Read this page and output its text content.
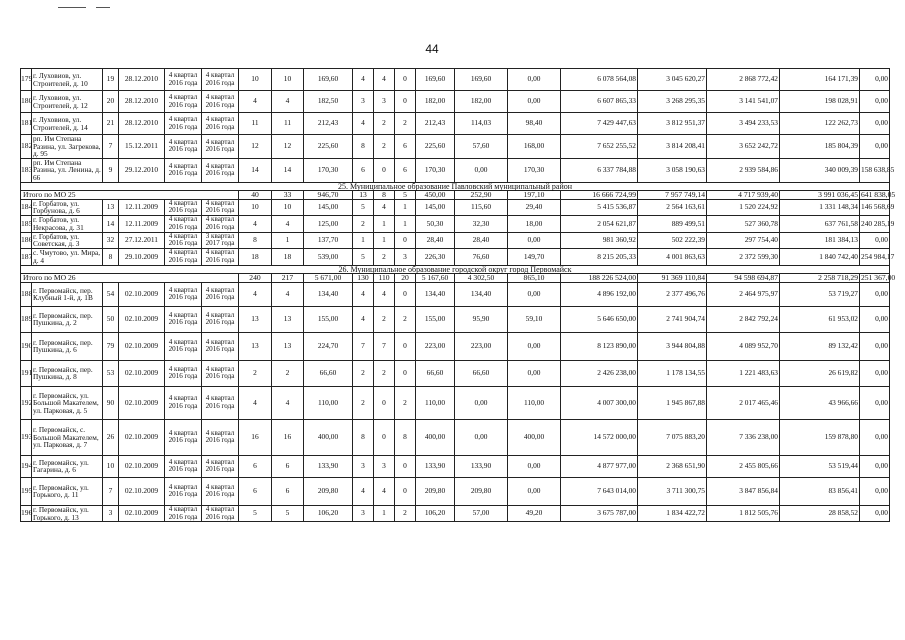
44
179	г. Луховиов, ул. Строителей, д. 10	19	28.12.2010	4 квартал 2016 года	4 квартал 2016 года	10	10	169,60	4	4	0	169,60	169,60	0,00	6 078 564,08	3 045 620,27	2 868 772,42	164 171,39	0,00
180	г. Луховиов, ул. Строителей, д. 12	20	28.12.2010	4 квартал 2016 года	4 квартал 2016 года	4	4	182,50	3	3	0	182,00	182,00	0,00	6 607 865,33	3 268 295,35	3 141 541,07	198 028,91	0,00
181	г. Луховиов, ул. Строителей, д. 14	21	28.12.2010	4 квартал 2016 года	4 квартал 2016 года	11	11	212,43	4	2	2	212,43	114,03	98,40	7 429 447,63	3 812 951,37	3 494 233,53	122 262,73	0,00
182	рп. Им Степана Разина, ул. Загрекова, д. 95	7	15.12.2011	4 квартал 2016 года	4 квартал 2016 года	12	12	225,60	8	2	6	225,60	57,60	168,00	7 652 255,52	3 814 208,41	3 652 242,72	185 804,39	0,00
183	рп. Им Степана Разина, ул. Ленина, д. 66	9	29.12.2010	4 квартал 2016 года	4 квартал 2016 года	14	14	170,30	6	0	6	170,30	0,00	170,30	6 337 784,88	3 058 190,63	2 939 584,86	340 009,39	158 638,85
25. Муниципальное образование Павловский муниципальный район																			
Итого по МО 25						40	33	946,70	13	8	5	450,00	252,90	197,10	16 666 724,99	7 957 749,14	4 717 939,40	3 991 036,45	641 838,05
184	г. Горбатов, ул. Горбунова, д. 6	13	12.11.2009	4 квартал 2016 года	4 квартал 2016 года	10	10	145,00	5	4	1	145,00	115,60	29,40	5 415 536,87	2 564 163,61	1 520 224,92	1 331 148,34	146 568,69
185	г. Горбатов, ул. Некрасова, д. 31	14	12.11.2009	4 квартал 2016 года	4 квартал 2016 года	4	4	125,00	2	1	1	50,30	32,30	18,00	2 054 621,87	889 499,51	527 360,78	637 761,58	240 285,19
186	г. Горбатов, ул. Советская, д. 3	32	27.12.2011	4 квартал 2016 года	3 квартал 2017 года	8	1	137,70	1	1	0	28,40	28,40	0,00	981 360,92	502 222,39	297 754,40	181 384,13	0,00
187	с. Чмутово, ул. Мира, д. 4	8	29.10.2009	4 квартал 2016 года	4 квартал 2016 года	18	18	539,00	5	2	3	226,30	76,60	149,70	8 215 205,33	4 001 863,63	2 372 599,30	1 840 742,40	254 984,17
26. Муниципальное образование городской округ город Первомайск																			
Итого по МО 26						240	217	5 671,00	130	110	20	5 167,60	4 302,50	865,10	188 226 524,00	91 369 110,84	94 598 694,87	2 258 718,29	251 367,00
188	г. Первомайск, пер. Клубный 1-й, д. 1В	54	02.10.2009	4 квартал 2016 года	4 квартал 2016 года	4	4	134,40	4	4	0	134,40	134,40	0,00	4 896 192,00	2 377 496,76	2 464 975,97	53 719,27	0,00
189	г. Первомайск, пер. Пушкина, д. 2	50	02.10.2009	4 квартал 2016 года	4 квартал 2016 года	13	13	155,00	4	2	2	155,00	95,90	59,10	5 646 650,00	2 741 904,74	2 842 792,24	61 953,02	0,00
190	г. Первомайск, пер. Пушкина, д. 6	79	02.10.2009	4 квартал 2016 года	4 квартал 2016 года	13	13	224,70	7	7	0	223,00	223,00	0,00	8 123 890,00	3 944 804,88	4 089 952,70	89 132,42	0,00
191	г. Первомайск, пер. Пушкина, д. 8	53	02.10.2009	4 квартал 2016 года	4 квартал 2016 года	2	2	66,60	2	2	0	66,60	66,60	0,00	2 426 238,00	1 178 134,55	1 221 483,63	26 619,82	0,00
192	г. Первомайск, ул. Большой Макателем, ул. Парковая, д. 5	90	02.10.2009	4 квартал 2016 года	4 квартал 2016 года	4	4	110,00	2	0	2	110,00	0,00	110,00	4 007 300,00	1 945 867,88	2 017 465,46	43 966,66	0,00
193	г. Первомайск, с. Большой Макателем, ул. Парковая, д. 7	26	02.10.2009	4 квартал 2016 года	4 квартал 2016 года	16	16	400,00	8	0	8	400,00	0,00	400,00	14 572 000,00	7 075 883,20	7 336 238,00	159 878,80	0,00
194	г. Первомайск, ул. Гагарина, д. 6	10	02.10.2009	4 квартал 2016 года	4 квартал 2016 года	6	6	133,90	3	3	0	133,90	133,90	0,00	4 877 977,00	2 368 651,90	2 455 805,66	53 519,44	0,00
195	г. Первомайск, ул. Горького, д. 11	7	02.10.2009	4 квартал 2016 года	4 квартал 2016 года	6	6	209,80	4	4	0	209,80	209,80	0,00	7 643 014,00	3 711 300,75	3 847 856,84	83 856,41	0,00
196	г. Первомайск, ул. Горького, д. 13	3	02.10.2009	4 квартал 2016 года	4 квартал 2016 года	5	5	106,20	3	1	2	106,20	57,00	49,20	3 675 787,00	1 834 422,72	1 812 505,76	28 858,52	0,00
